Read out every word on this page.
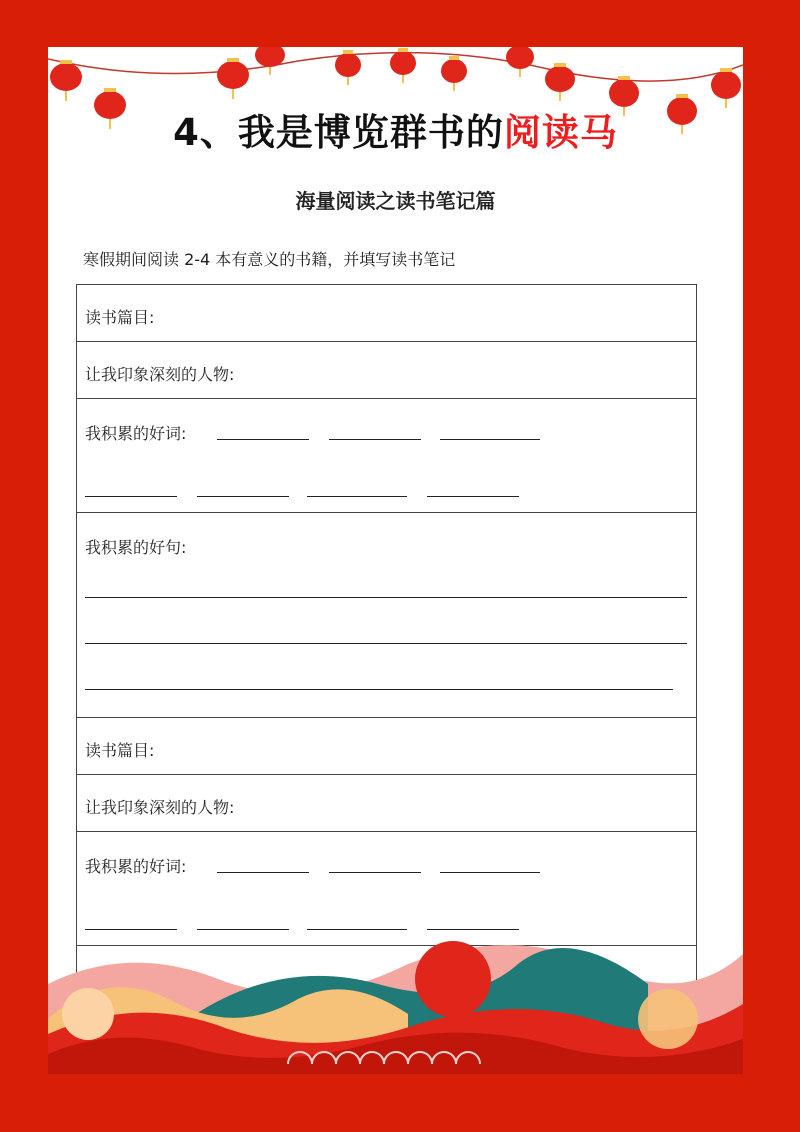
4、我是博览群书的阅读马
海量阅读之读书笔记篇
寒假期间阅读 2-4 本有意义的书籍，并填写读书笔记
读书篇目:
让我印象深刻的人物:
我积累的好词:
我积累的好句:
读书篇目:
让我印象深刻的人物:
我积累的好词:
